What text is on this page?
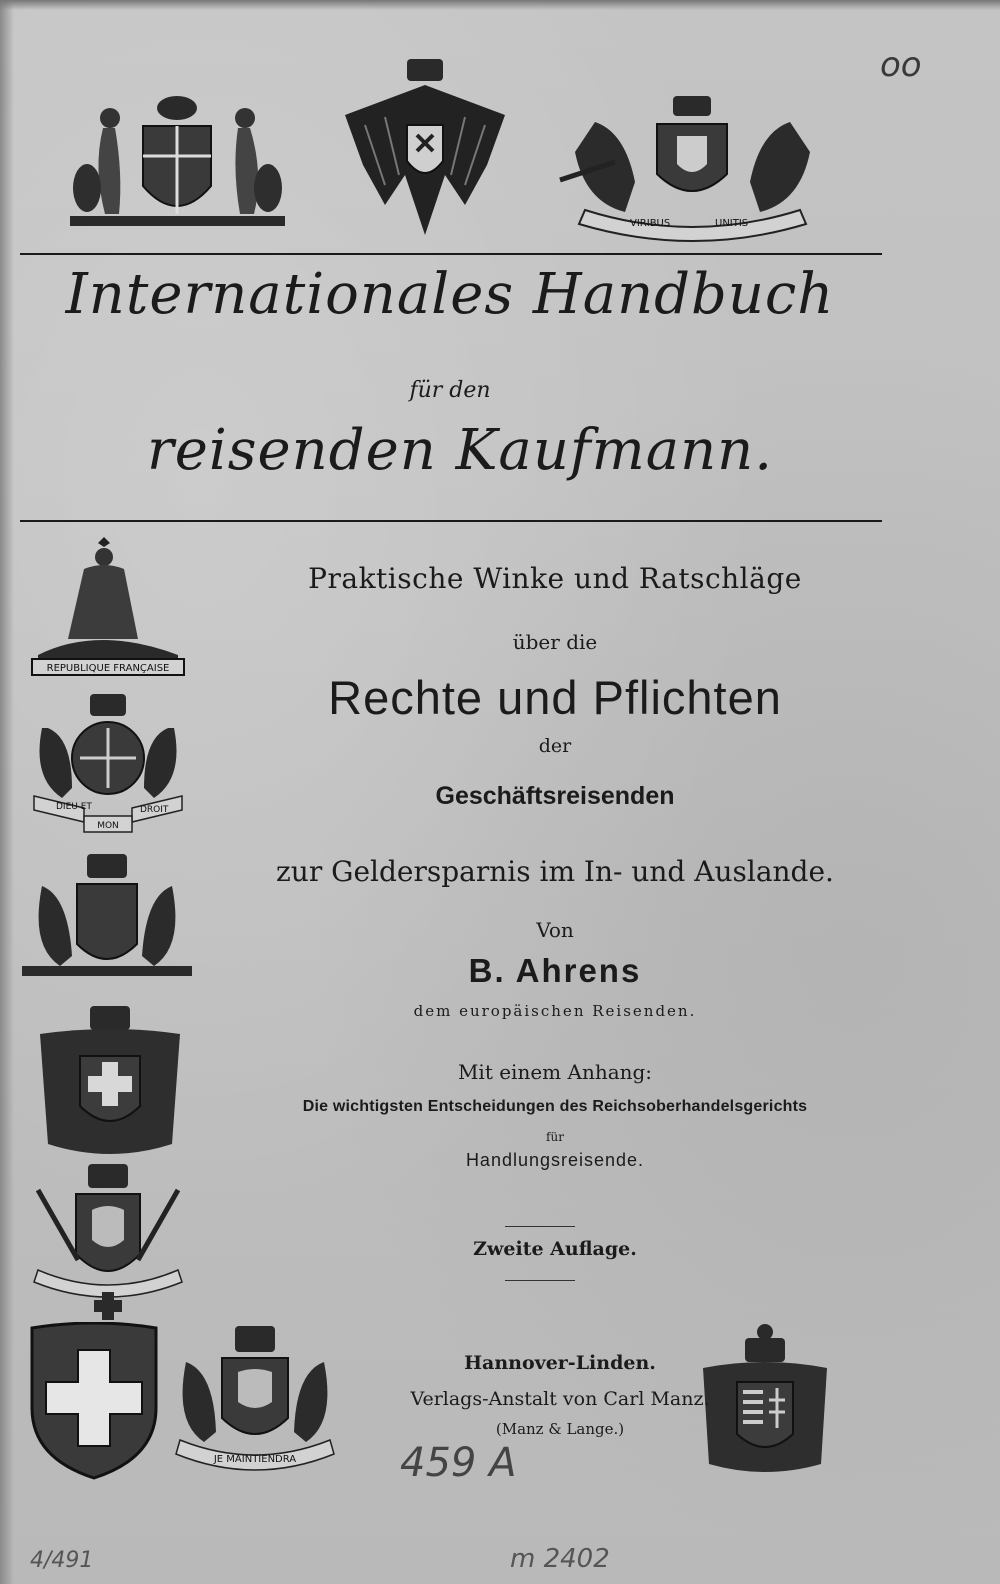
VIRIBUS	UNITIS
Internationales Handbuch
für den
reisenden Kaufmann.
REPUBLIQUE FRANÇAISE
DIEU ET
MON
DROIT
JE MAINTIENDRA
Praktische Winke und Ratschläge
über die
Rechte und Pflichten
der
Geschäftsreisenden
zur Geldersparnis im In- und Auslande.
Von
B. Ahrens
dem europäischen Reisenden.
Mit einem Anhang:
Die wichtigsten Entscheidungen des Reichsoberhandelsgerichts
für
Handlungsreisende.
Zweite Auflage.
Hannover-Linden.
Verlags-Anstalt von Carl Manz.
(Manz & Lange.)
oo
459 A
4/491	m 2402
